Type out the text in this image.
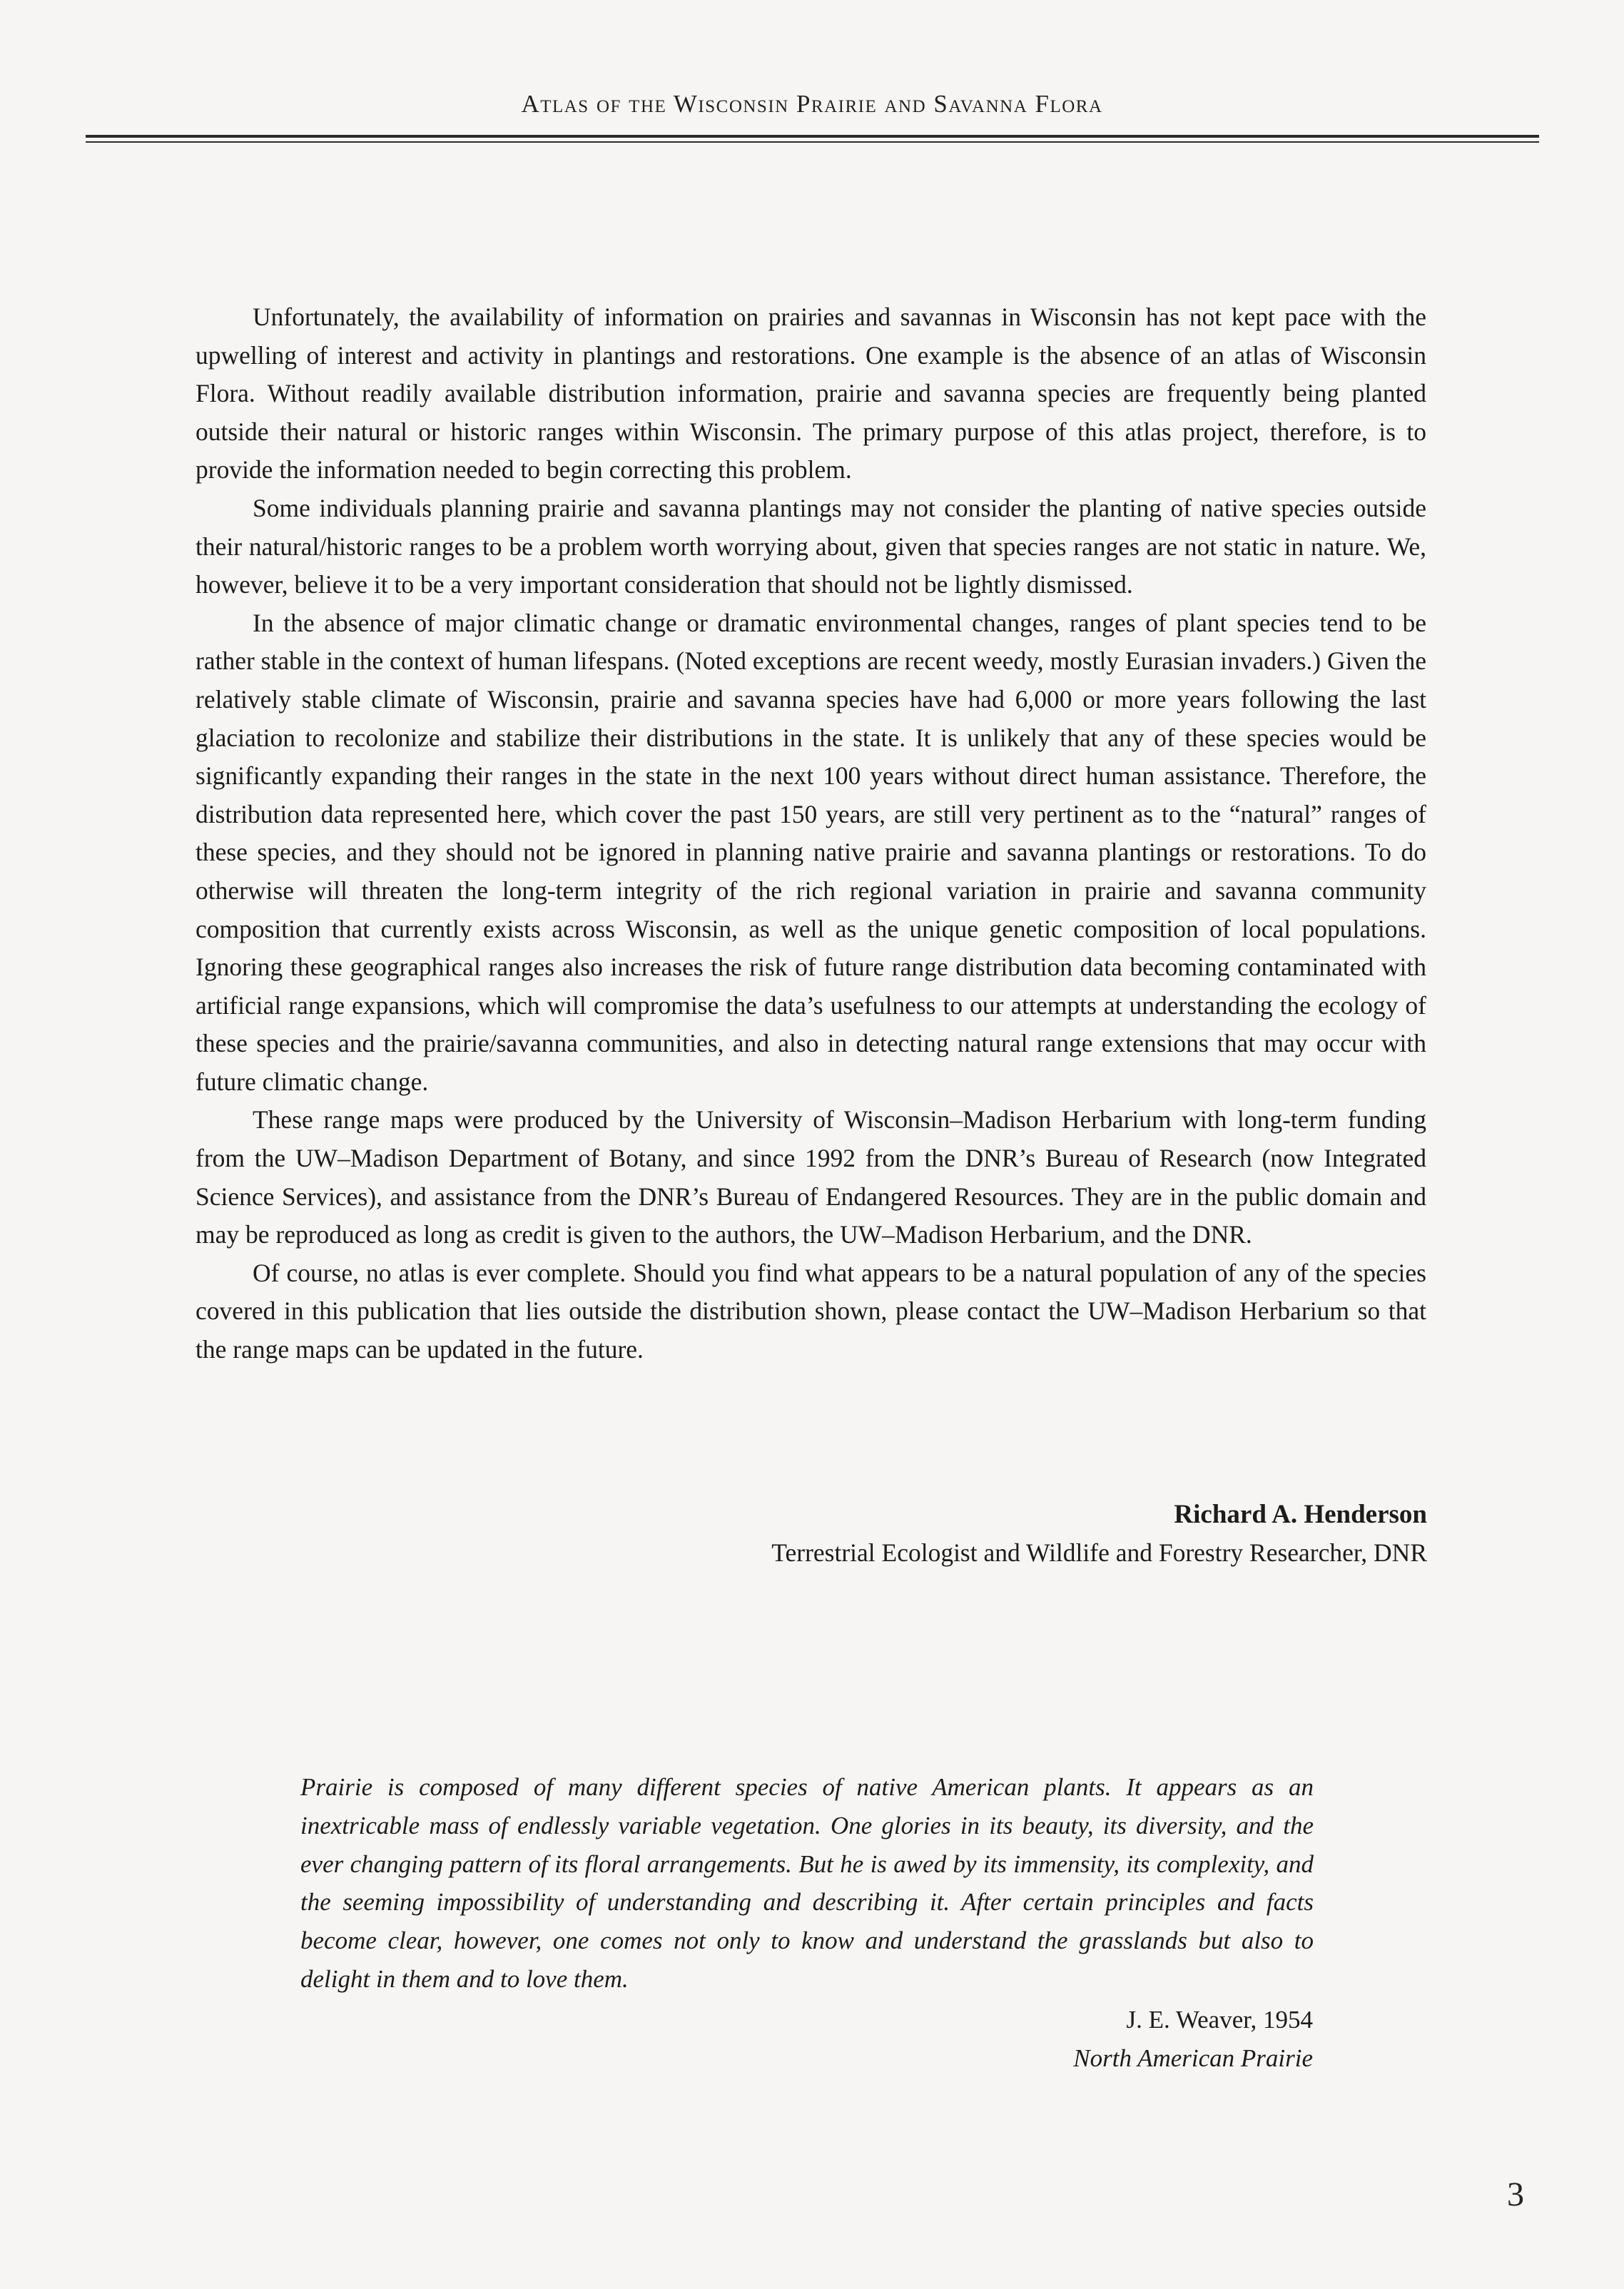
Atlas of the Wisconsin Prairie and Savanna Flora

Unfortunately, the availability of information on prairies and savannas in Wisconsin has not kept pace with the upwelling of interest and activity in plantings and restorations. One example is the absence of an atlas of Wisconsin Flora. Without readily available distribution information, prairie and savanna species are frequently being planted outside their natural or historic ranges within Wisconsin. The primary purpose of this atlas project, therefore, is to provide the information needed to begin correcting this problem.

Some individuals planning prairie and savanna plantings may not consider the planting of native species outside their natural/historic ranges to be a problem worth worrying about, given that species ranges are not static in nature. We, however, believe it to be a very important consideration that should not be lightly dismissed.

In the absence of major climatic change or dramatic environmental changes, ranges of plant species tend to be rather stable in the context of human lifespans. (Noted exceptions are recent weedy, mostly Eurasian invaders.) Given the relatively stable climate of Wisconsin, prairie and savanna species have had 6,000 or more years following the last glaciation to recolonize and stabilize their distributions in the state. It is unlikely that any of these species would be significantly expanding their ranges in the state in the next 100 years without direct human assistance. Therefore, the distribution data represented here, which cover the past 150 years, are still very pertinent as to the “natural” ranges of these species, and they should not be ignored in planning native prairie and savanna plantings or restorations. To do otherwise will threaten the long-term integrity of the rich regional variation in prairie and savanna community composition that currently exists across Wisconsin, as well as the unique genetic composition of local populations. Ignoring these geographical ranges also increases the risk of future range distribution data becoming contaminated with artificial range expansions, which will compromise the data’s usefulness to our attempts at understanding the ecology of these species and the prairie/savanna communities, and also in detecting natural range extensions that may occur with future climatic change.

These range maps were produced by the University of Wisconsin–Madison Herbarium with long-term funding from the UW–Madison Department of Botany, and since 1992 from the DNR’s Bureau of Research (now Integrated Science Services), and assistance from the DNR’s Bureau of Endangered Resources. They are in the public domain and may be reproduced as long as credit is given to the authors, the UW–Madison Herbarium, and the DNR.

Of course, no atlas is ever complete. Should you find what appears to be a natural population of any of the species covered in this publication that lies outside the distribution shown, please contact the UW–Madison Herbarium so that the range maps can be updated in the future.

Richard A. Henderson
Terrestrial Ecologist and Wildlife and Forestry Researcher, DNR

Prairie is composed of many different species of native American plants. It appears as an inextricable mass of endlessly variable vegetation. One glories in its beauty, its diversity, and the ever changing pattern of its floral arrangements. But he is awed by its immensity, its complexity, and the seeming impossibility of understanding and describing it. After certain principles and facts become clear, however, one comes not only to know and understand the grasslands but also to delight in them and to love them.

J. E. Weaver, 1954
North American Prairie
3
